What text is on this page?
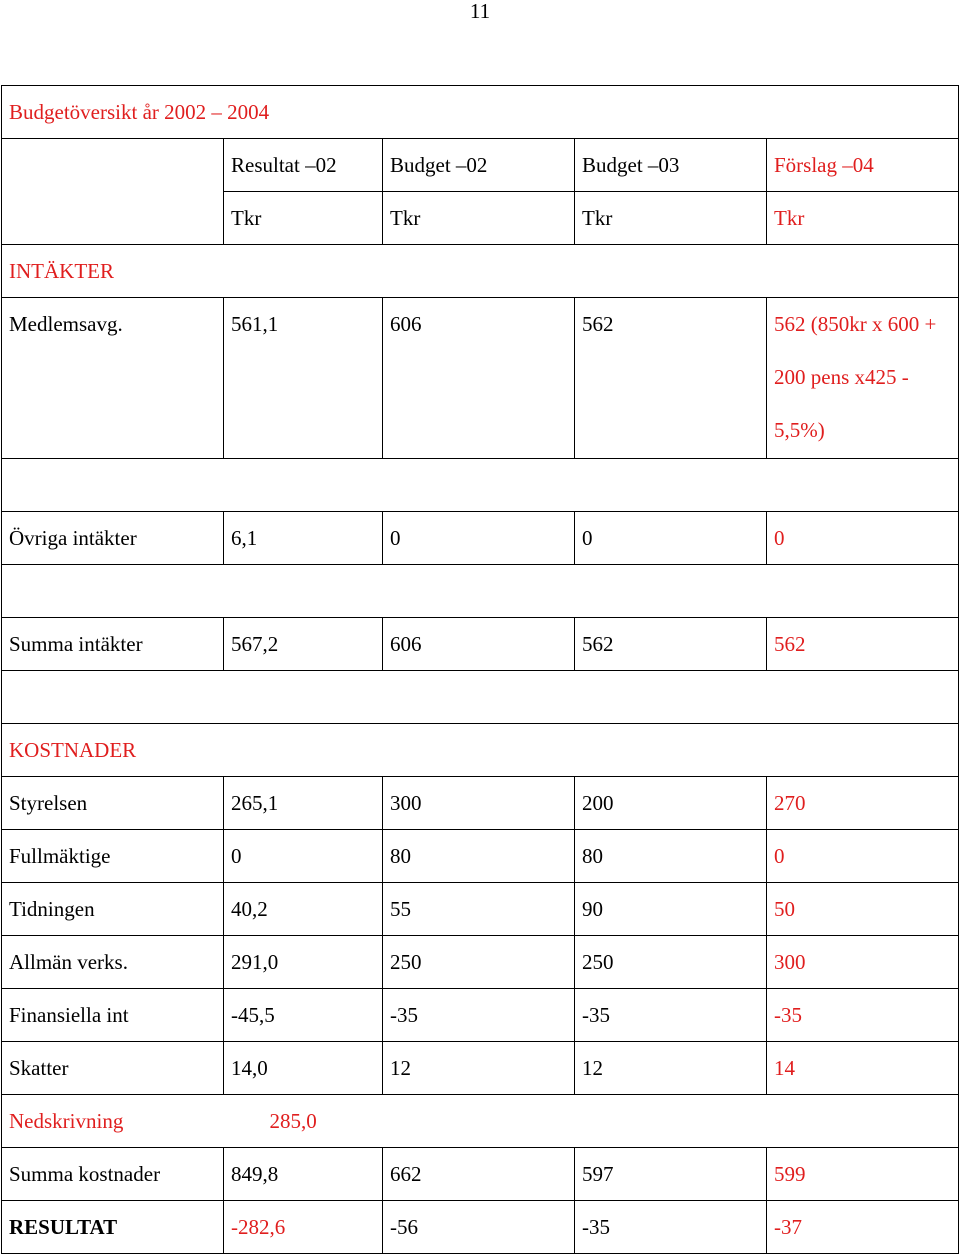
11
Budgetöversikt år 2002 – 2004				
	Resultat –02	Budget –02	Budget –03	Förslag –04
	Tkr	Tkr	Tkr	Tkr
INTÄKTER				
Medlemsavg.	561,1	606	562	562 (850kr x 600 +
200 pens x425 -
5,5%)

Övriga intäkter	6,1	0	0	0

Summa intäkter	567,2	606	562	562

KOSTNADER				
Styrelsen	265,1	300	200	270
Fullmäktige	0	80	80	0
Tidningen	40,2	55	90	50
Allmän verks.	291,0	250	250	300
Finansiella int	-45,5	-35	-35	-35
Skatter	14,0	12	12	14
Nedskrivning	285,0			
Summa kostnader	849,8	662	597	599
RESULTAT	-282,6	-56	-35	-37
